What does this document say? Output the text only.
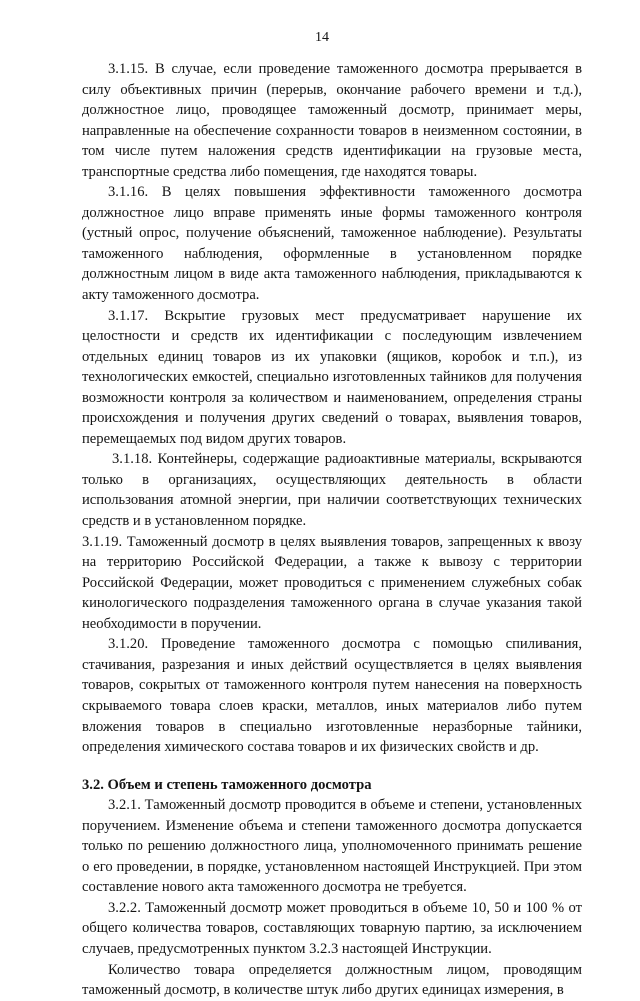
14

3.1.15. В случае, если проведение таможенного досмотра прерывается в силу объективных причин (перерыв, окончание рабочего времени и т.д.), должностное лицо, проводящее таможенный досмотр, принимает меры, направленные на обеспечение сохранности товаров в неизменном состоянии, в том числе путем наложения средств идентификации на грузовые места, транспортные средства либо помещения, где находятся товары.

3.1.16. В целях повышения эффективности таможенного досмотра должностное лицо вправе применять иные формы таможенного контроля (устный опрос, получение объяснений, таможенное наблюдение). Результаты таможенного наблюдения, оформленные в установленном порядке должностным лицом в виде акта таможенного наблюдения, прикладываются к акту таможенного досмотра.

3.1.17. Вскрытие грузовых мест предусматривает нарушение их целостности и средств их идентификации с последующим извлечением отдельных единиц товаров из их упаковки (ящиков, коробок и т.п.), из технологических емкостей, специально изготовленных тайников для получения возможности контроля за количеством и наименованием, определения страны происхождения и получения других сведений о товарах, выявления товаров, перемещаемых под видом других товаров.

3.1.18. Контейнеры, содержащие радиоактивные материалы, вскрываются только в организациях, осуществляющих деятельность в области использования атомной энергии, при наличии соответствующих технических средств и в установленном порядке.

3.1.19. Таможенный досмотр в целях выявления товаров, запрещенных к ввозу на территорию Российской Федерации, а также к вывозу с территории Российской Федерации, может проводиться с применением служебных собак кинологического подразделения таможенного органа в случае указания такой необходимости в поручении.

3.1.20. Проведение таможенного досмотра с помощью спиливания, стачивания, разрезания и иных действий осуществляется в целях выявления товаров, сокрытых от таможенного контроля путем нанесения на поверхность скрываемого товара слоев краски, металлов, иных материалов либо путем вложения товаров в специально изготовленные неразборные тайники, определения химического состава товаров и их физических свойств и др.

3.2. Объем и степень таможенного досмотра

3.2.1. Таможенный досмотр проводится в объеме и степени, установленных поручением. Изменение объема и степени таможенного досмотра допускается только по решению должностного лица, уполномоченного принимать решение о его проведении, в порядке, установленном настоящей Инструкцией. При этом составление нового акта таможенного досмотра не требуется.

3.2.2. Таможенный досмотр может проводиться в объеме 10, 50 и 100 % от общего количества товаров, составляющих товарную партию, за исключением случаев, предусмотренных пунктом 3.2.3 настоящей Инструкции.

Количество товара определяется должностным лицом, проводящим таможенный досмотр, в количестве штук либо других единицах измерения, в
